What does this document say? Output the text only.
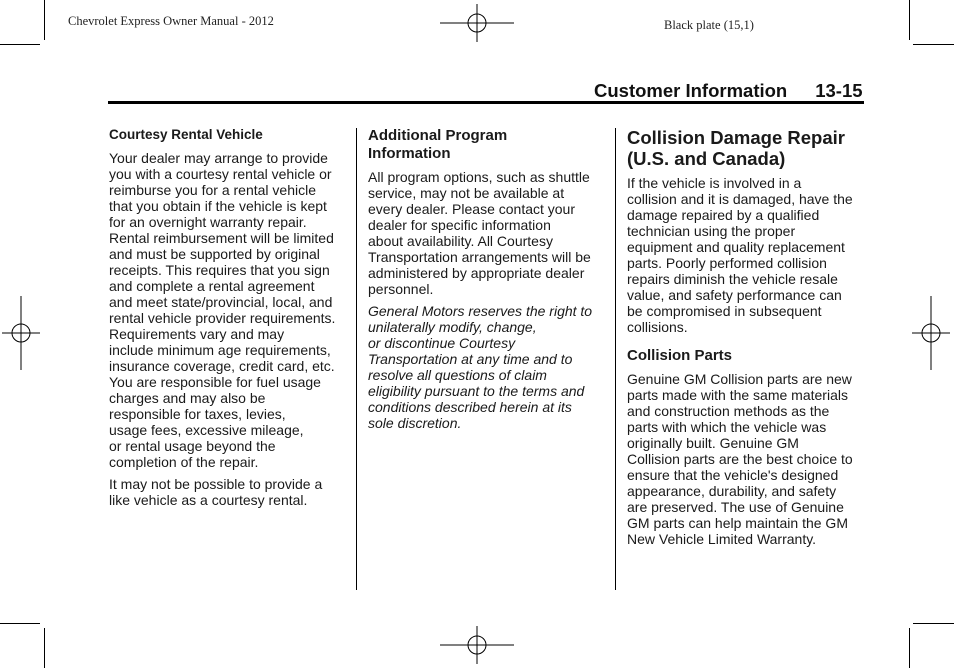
Chevrolet Express Owner Manual - 2012	Black plate (15,1)
Customer Information 13-15
Courtesy Rental Vehicle

Your dealer may arrange to provide
you with a courtesy rental vehicle or
reimburse you for a rental vehicle
that you obtain if the vehicle is kept
for an overnight warranty repair.
Rental reimbursement will be limited
and must be supported by original
receipts. This requires that you sign
and complete a rental agreement
and meet state/provincial, local, and
rental vehicle provider requirements.
Requirements vary and may
include minimum age requirements,
insurance coverage, credit card, etc.
You are responsible for fuel usage
charges and may also be
responsible for taxes, levies,
usage fees, excessive mileage,
or rental usage beyond the
completion of the repair.

It may not be possible to provide a
like vehicle as a courtesy rental.

Additional Program
Information

All program options, such as shuttle
service, may not be available at
every dealer. Please contact your
dealer for specific information
about availability. All Courtesy
Transportation arrangements will be
administered by appropriate dealer
personnel.

General Motors reserves the right to
unilaterally modify, change,
or discontinue Courtesy
Transportation at any time and to
resolve all questions of claim
eligibility pursuant to the terms and
conditions described herein at its
sole discretion.

Collision Damage Repair
(U.S. and Canada)

If the vehicle is involved in a
collision and it is damaged, have the
damage repaired by a qualified
technician using the proper
equipment and quality replacement
parts. Poorly performed collision
repairs diminish the vehicle resale
value, and safety performance can
be compromised in subsequent
collisions.

Collision Parts

Genuine GM Collision parts are new
parts made with the same materials
and construction methods as the
parts with which the vehicle was
originally built. Genuine GM
Collision parts are the best choice to
ensure that the vehicle's designed
appearance, durability, and safety
are preserved. The use of Genuine
GM parts can help maintain the GM
New Vehicle Limited Warranty.
